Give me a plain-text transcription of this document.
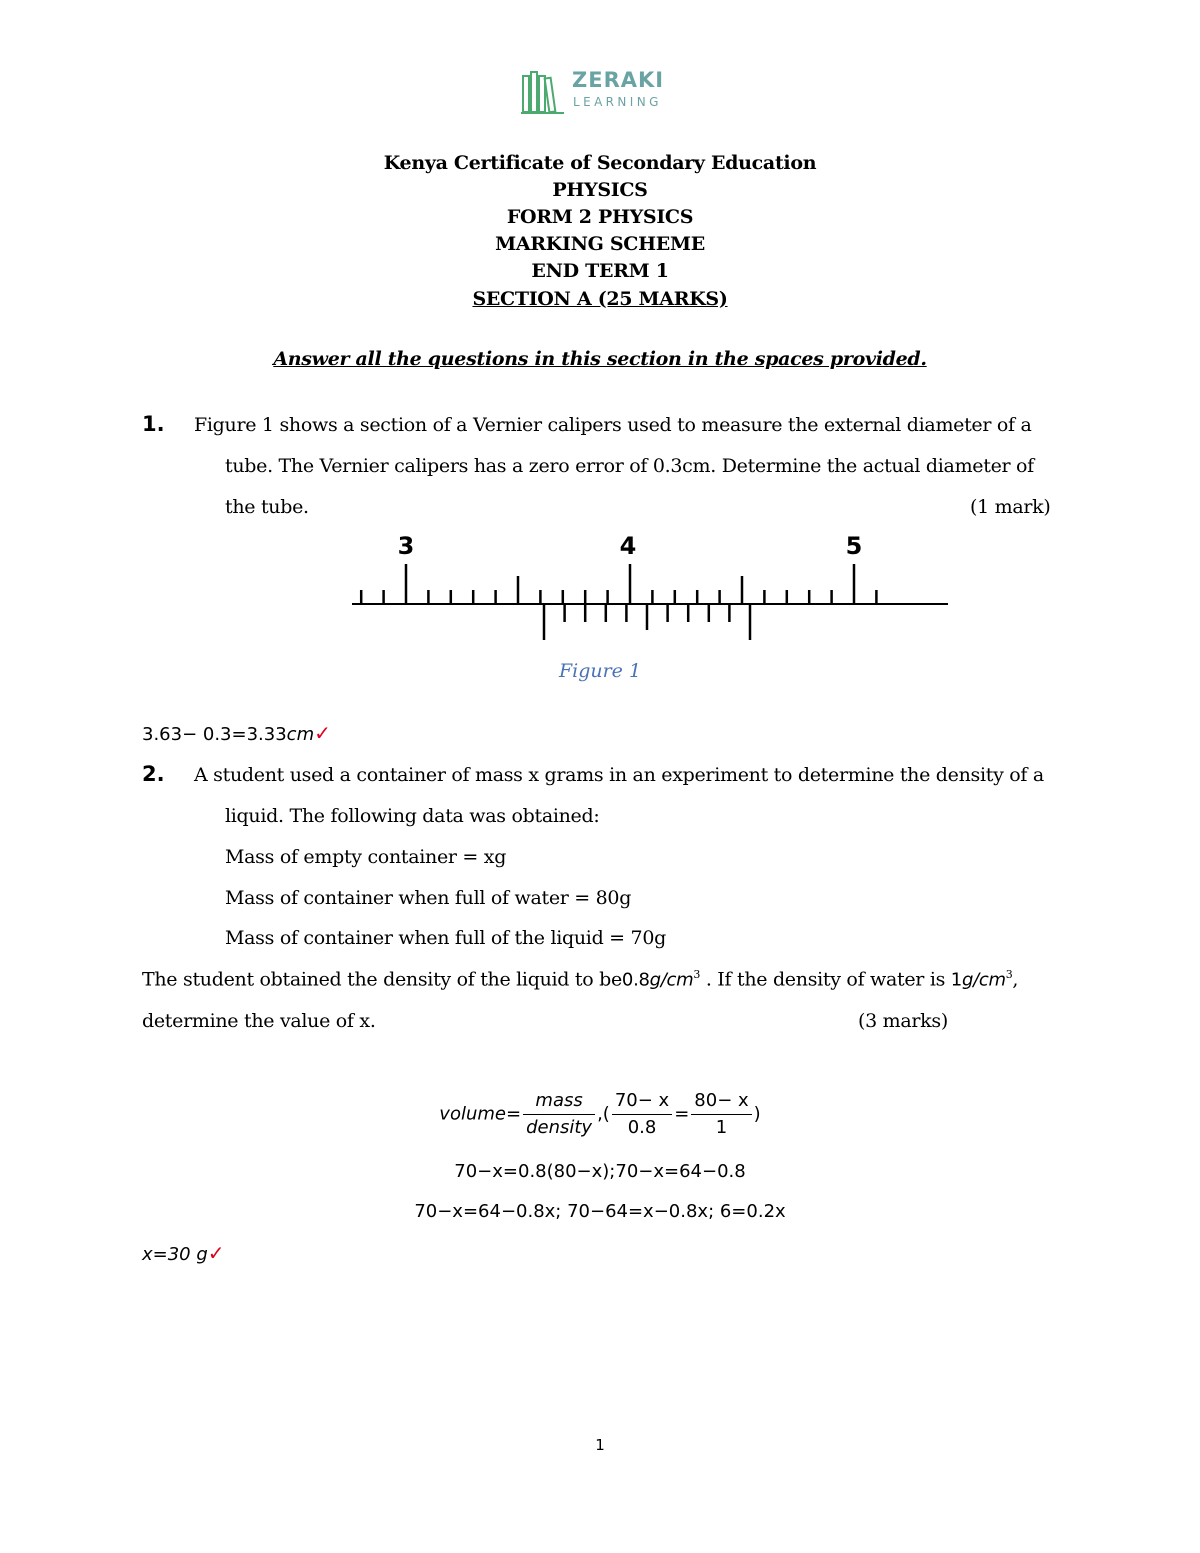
ZERAKI
LEARNING
Kenya Certificate of Secondary Education
PHYSICS
FORM 2 PHYSICS
MARKING SCHEME
END TERM 1
SECTION A (25 MARKS)
Answer all the questions in this section in the spaces provided.
1. Figure 1 shows a section of a Vernier calipers used to measure the external diameter of a
tube. The Vernier calipers has a zero error of 0.3cm. Determine the actual diameter of
the tube.	(1 mark)
3	4	5
Figure 1
3.63− 0.3=3.33cm✓
2. A student used a container of mass x grams in an experiment to determine the density of a
liquid. The following data was obtained:
Mass of empty container = xg
Mass of container when full of water = 80g
Mass of container when full of the liquid = 70g
The student obtained the density of the liquid to $be0.8g/cm^3$ . If the density of water is $1g/cm^3$,
determine the value of x.	(3 marks)
volume= $\frac{\text{mass}}{\text{density}}$ ,( $\frac{70- x}{0.8} = \frac{80- x}{1}$ )
70−x=0.8(80−x);70−x=64−0.8
70−x=64−0.8x; 70−64=x−0.8x; 6=0.2x
x=30 g✓
1
